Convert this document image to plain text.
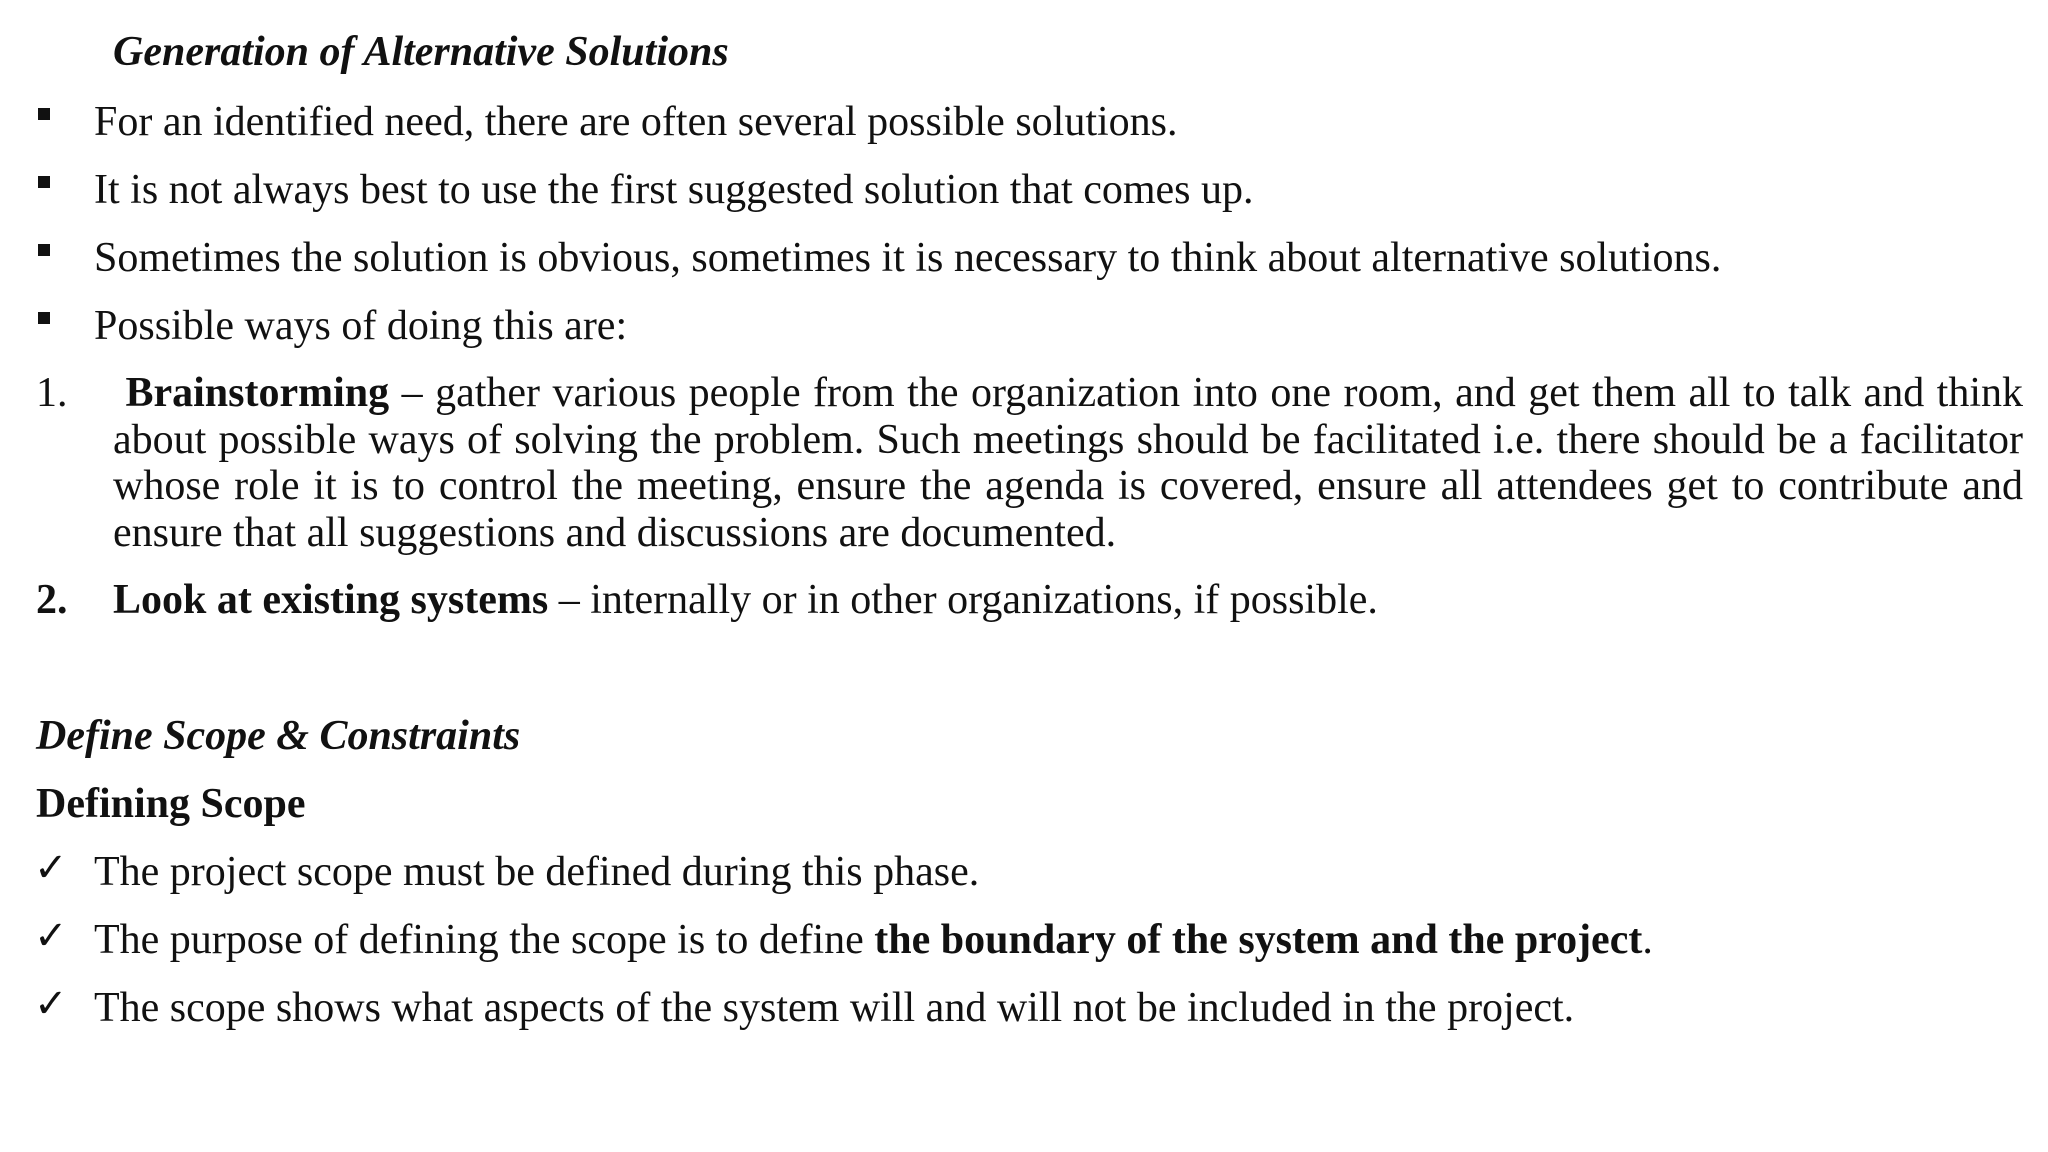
Generation of Alternative Solutions
For an identified need, there are often several possible solutions.
It is not always best to use the first suggested solution that comes up.
Sometimes the solution is obvious, sometimes it is necessary to think about alternative solutions.
Possible ways of doing this are:
1. Brainstorming – gather various people from the organization into one room, and get them all to talk and think about possible ways of solving the problem. Such meetings should be facilitated i.e. there should be a facilitator whose role it is to control the meeting, ensure the agenda is covered, ensure all attendees get to contribute and ensure that all suggestions and discussions are documented.
2. Look at existing systems – internally or in other organizations, if possible.
Define Scope & Constraints
Defining Scope
✓ The project scope must be defined during this phase.
✓ The purpose of defining the scope is to define the boundary of the system and the project.
✓ The scope shows what aspects of the system will and will not be included in the project.
